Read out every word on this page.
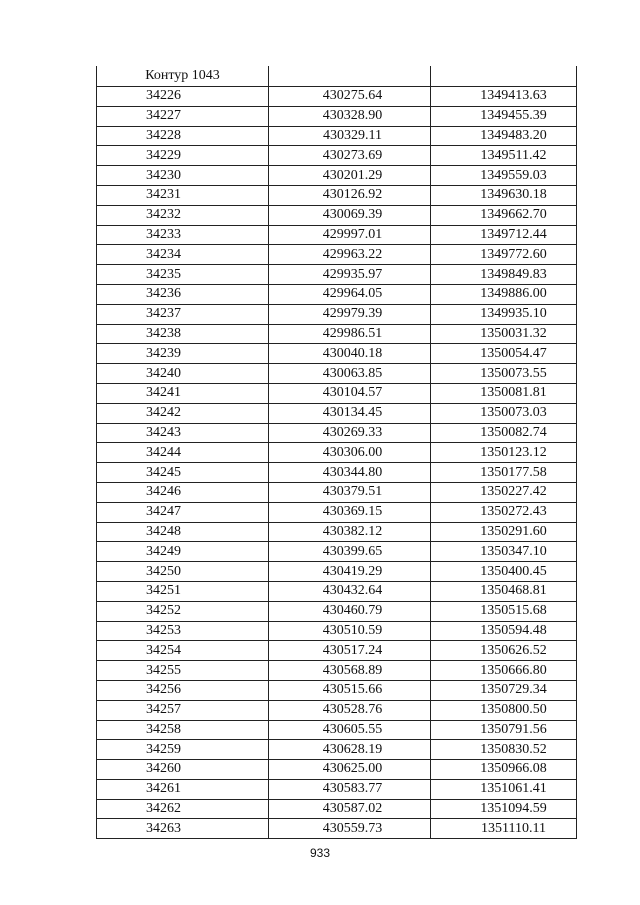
Контур 1043		
34226	430275.64	1349413.63
34227	430328.90	1349455.39
34228	430329.11	1349483.20
34229	430273.69	1349511.42
34230	430201.29	1349559.03
34231	430126.92	1349630.18
34232	430069.39	1349662.70
34233	429997.01	1349712.44
34234	429963.22	1349772.60
34235	429935.97	1349849.83
34236	429964.05	1349886.00
34237	429979.39	1349935.10
34238	429986.51	1350031.32
34239	430040.18	1350054.47
34240	430063.85	1350073.55
34241	430104.57	1350081.81
34242	430134.45	1350073.03
34243	430269.33	1350082.74
34244	430306.00	1350123.12
34245	430344.80	1350177.58
34246	430379.51	1350227.42
34247	430369.15	1350272.43
34248	430382.12	1350291.60
34249	430399.65	1350347.10
34250	430419.29	1350400.45
34251	430432.64	1350468.81
34252	430460.79	1350515.68
34253	430510.59	1350594.48
34254	430517.24	1350626.52
34255	430568.89	1350666.80
34256	430515.66	1350729.34
34257	430528.76	1350800.50
34258	430605.55	1350791.56
34259	430628.19	1350830.52
34260	430625.00	1350966.08
34261	430583.77	1351061.41
34262	430587.02	1351094.59
34263	430559.73	1351110.11
933
